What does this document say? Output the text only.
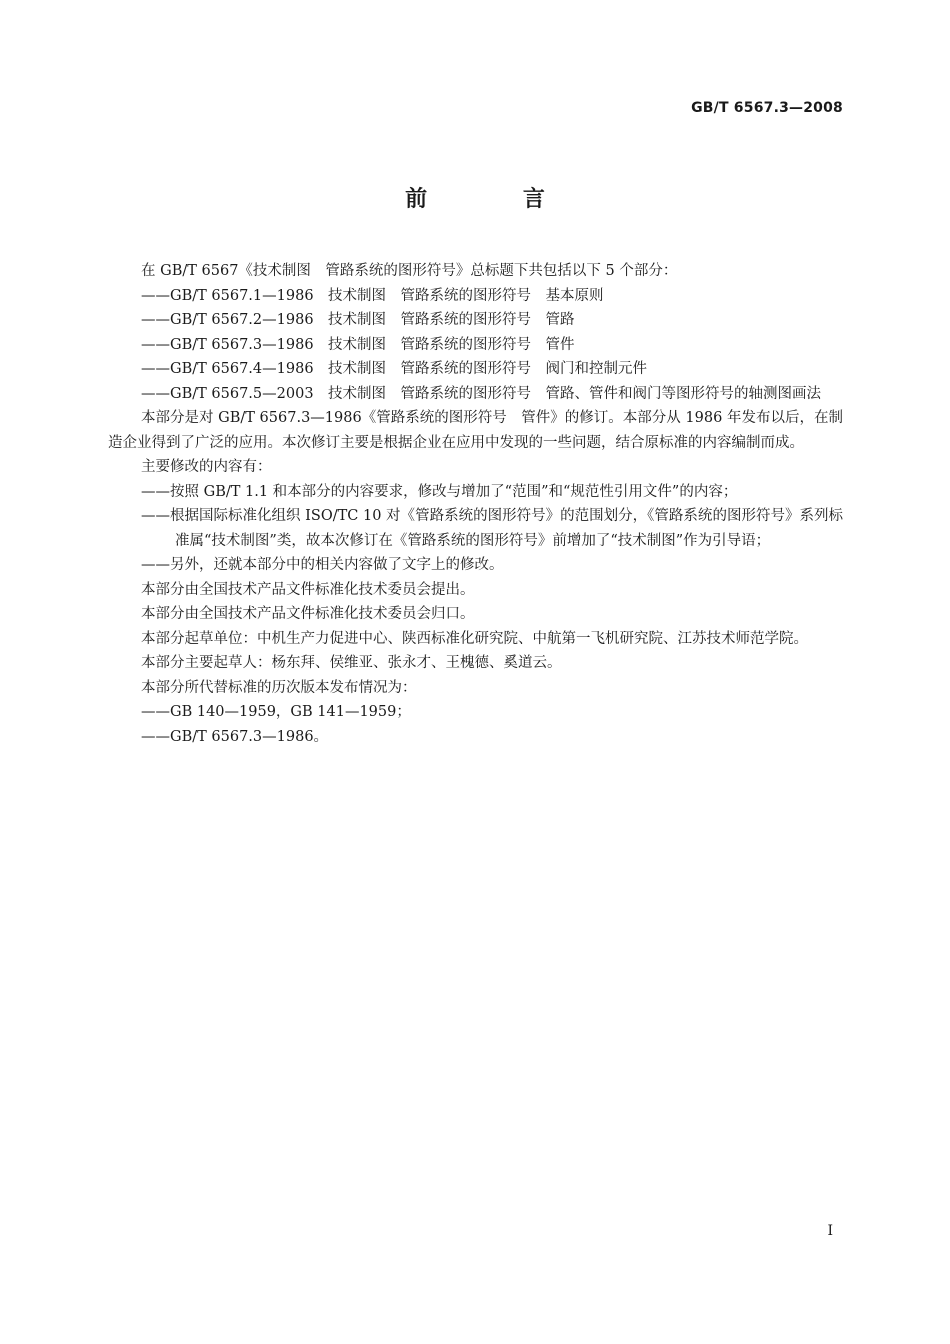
GB/T 6567.3—2008
前 言

在 GB/T 6567《技术制图　管路系统的图形符号》总标题下共包括以下 5 个部分：

——GB/T 6567.1—1986　技术制图　管路系统的图形符号　基本原则

——GB/T 6567.2—1986　技术制图　管路系统的图形符号　管路

——GB/T 6567.3—1986　技术制图　管路系统的图形符号　管件

——GB/T 6567.4—1986　技术制图　管路系统的图形符号　阀门和控制元件

——GB/T 6567.5—2003　技术制图　管路系统的图形符号　管路、管件和阀门等图形符号的轴测图画法

本部分是对 GB/T 6567.3—1986《管路系统的图形符号　管件》的修订。本部分从 1986 年发布以后，在制造企业得到了广泛的应用。本次修订主要是根据企业在应用中发现的一些问题，结合原标准的内容编制而成。

主要修改的内容有：

——按照 GB/T 1.1 和本部分的内容要求，修改与增加了“范围”和“规范性引用文件”的内容；

——根据国际标准化组织 ISO/TC 10 对《管路系统的图形符号》的范围划分，《管路系统的图形符号》系列标准属“技术制图”类，故本次修订在《管路系统的图形符号》前增加了“技术制图”作为引导语；

——另外，还就本部分中的相关内容做了文字上的修改。

本部分由全国技术产品文件标准化技术委员会提出。

本部分由全国技术产品文件标准化技术委员会归口。

本部分起草单位：中机生产力促进中心、陕西标准化研究院、中航第一飞机研究院、江苏技术师范学院。

本部分主要起草人：杨东拜、侯维亚、张永才、王槐德、奚道云。

本部分所代替标准的历次版本发布情况为：

——GB 140—1959，GB 141—1959；

——GB/T 6567.3—1986。

I
